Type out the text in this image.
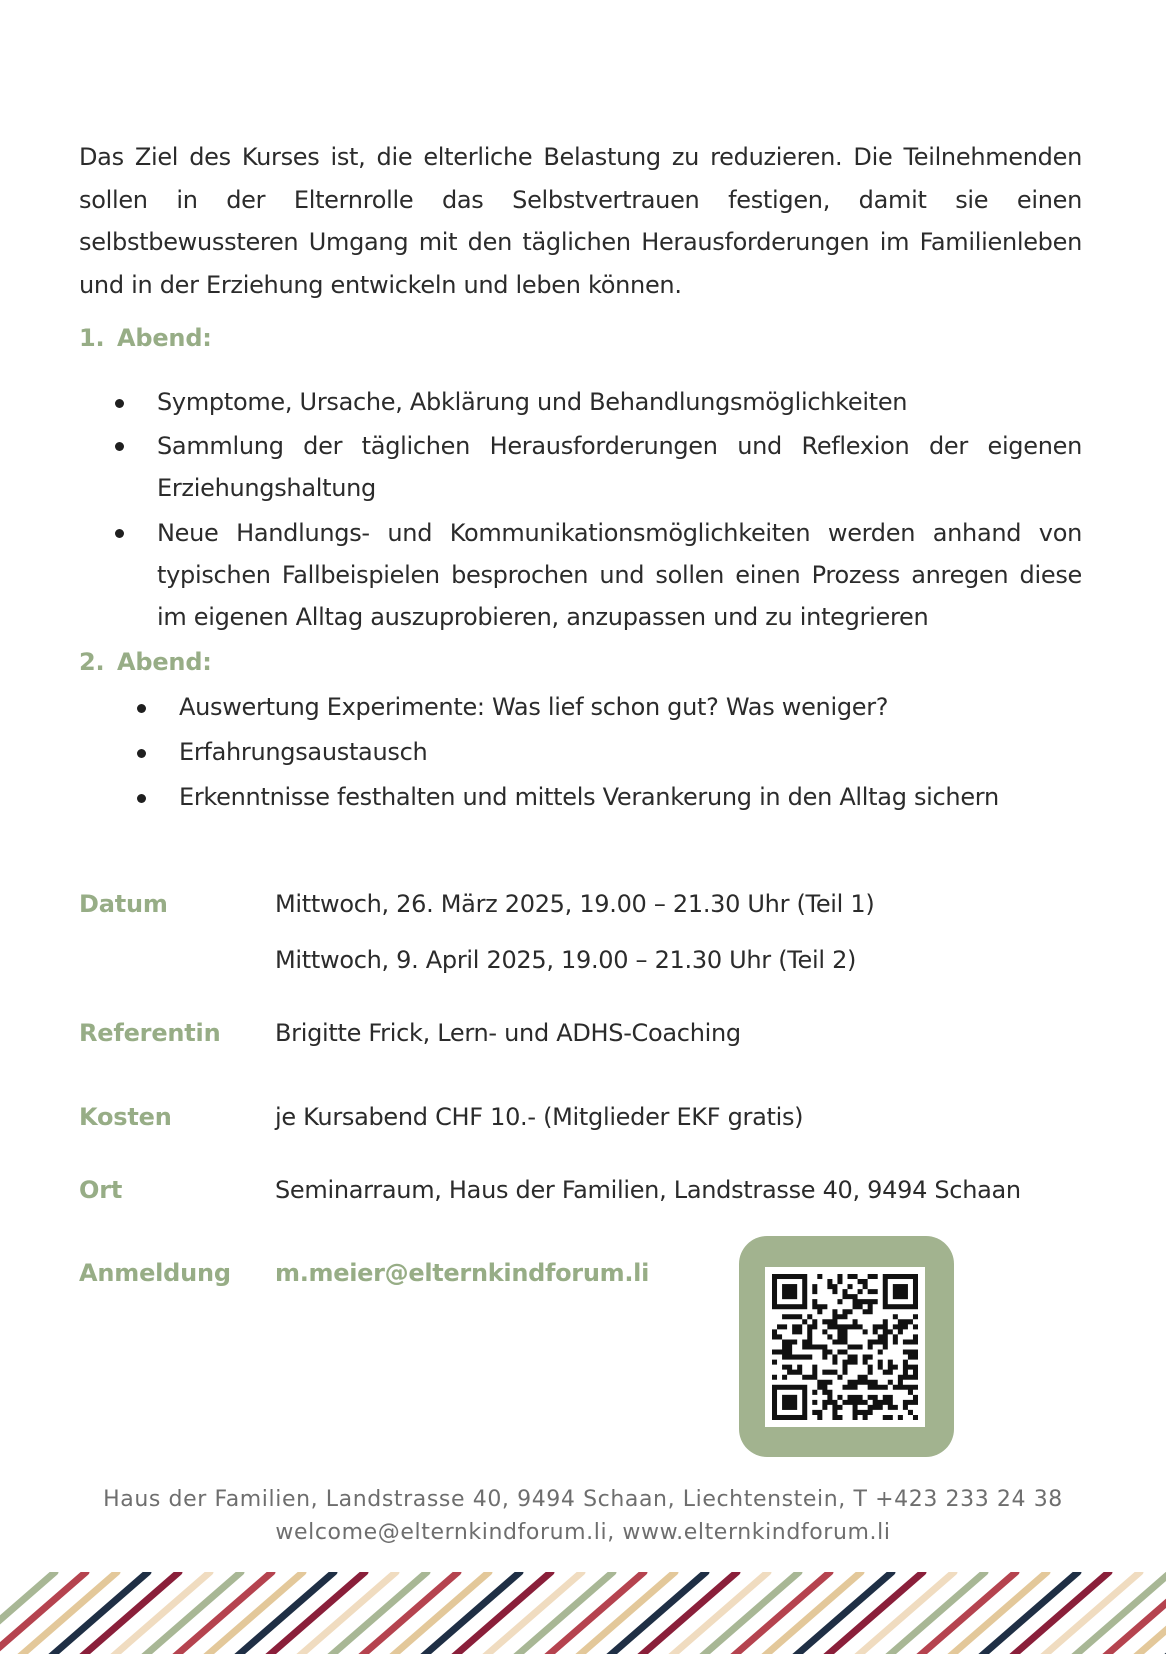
Das Ziel des Kurses ist, die elterliche Belastung zu reduzieren. Die Teilnehmenden sollen in der Elternrolle das Selbstvertrauen festigen, damit sie einen selbstbewussteren Umgang mit den täglichen Herausforderungen im Familienleben und in der Erziehung entwickeln und leben können.

1. Abend:
Symptome, Ursache, Abklärung und Behandlungsmöglichkeiten
Sammlung der täglichen Herausforderungen und Reflexion der eigenen Erziehungshaltung
Neue Handlungs- und Kommunikationsmöglichkeiten werden anhand von typischen Fallbeispielen besprochen und sollen einen Prozess anregen diese im eigenen Alltag auszuprobieren, anzupassen und zu integrieren
2. Abend:
Auswertung Experimente: Was lief schon gut? Was weniger?
Erfahrungsaustausch
Erkenntnisse festhalten und mittels Verankerung in den Alltag sichern
Datum	Mittwoch, 26. März 2025, 19.00 – 21.30 Uhr (Teil 1)
Mittwoch, 9. April 2025, 19.00 – 21.30 Uhr (Teil 2)
Referentin Brigitte Frick, Lern- und ADHS-Coaching
Kosten	je Kursabend CHF 10.- (Mitglieder EKF gratis)
Ort	Seminarraum, Haus der Familien, Landstrasse 40, 9494 Schaan
Anmeldung m.meier@elternkindforum.li
Haus der Familien, Landstrasse 40, 9494 Schaan, Liechtenstein, T +423 233 24 38
welcome@elternkindforum.li, www.elternkindforum.li
